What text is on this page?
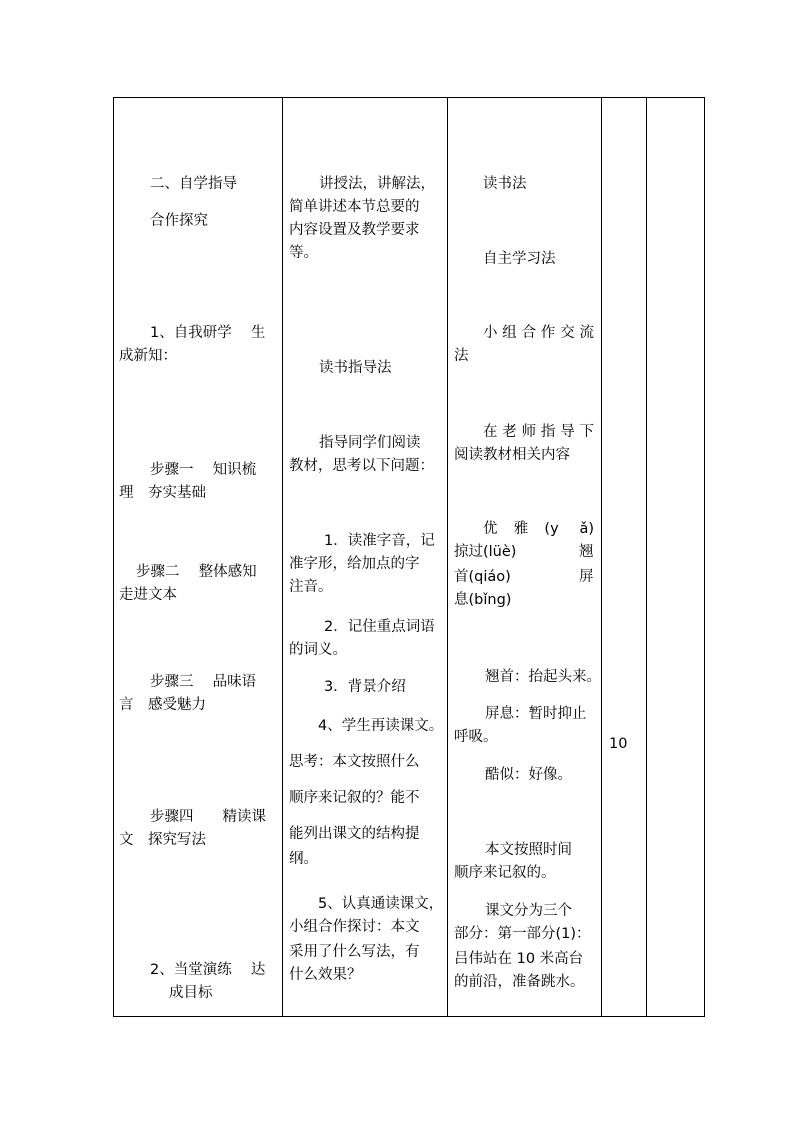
二、自学指导
合作探究
1、自我研学　 生
成新知：
步骤一　 知识梳
理　夯实基础
步骤二　 整体感知
走进文本
步骤三　 品味语
言　感受魅力
步骤四　　精读课
文　探究写法
2、当堂演练　 达
成目标
讲授法，讲解法，
简单讲述本节总要的
内容设置及教学要求
等。
读书指导法
指导同学们阅读
教材，思考以下问题：
1．读准字音，记
准字形，给加点的字
注音。
2．记住重点词语
的词义。
3．背景介绍
4、学生再读课文。
思考：本文按照什么
顺序来记叙的？能不
能列出课文的结构提
纲。
5、认真通读课文，
小组合作探讨：本文
采用了什么写法，有
什么效果？
读书法
自主学习法
小组合作交流
法
在老师指导下
阅读教材相关内容
优雅(y ǎ)
掠过(lüè)	翘
首(qiáo)	屏
息(bǐng)
翘首：抬起头来。
屏息：暂时抑止
呼吸。
酷似：好像。
本文按照时间
顺序来记叙的。
课文分为三个
部分：第一部分(1)：
吕伟站在 10 米高台
的前沿，准备跳水。
10
